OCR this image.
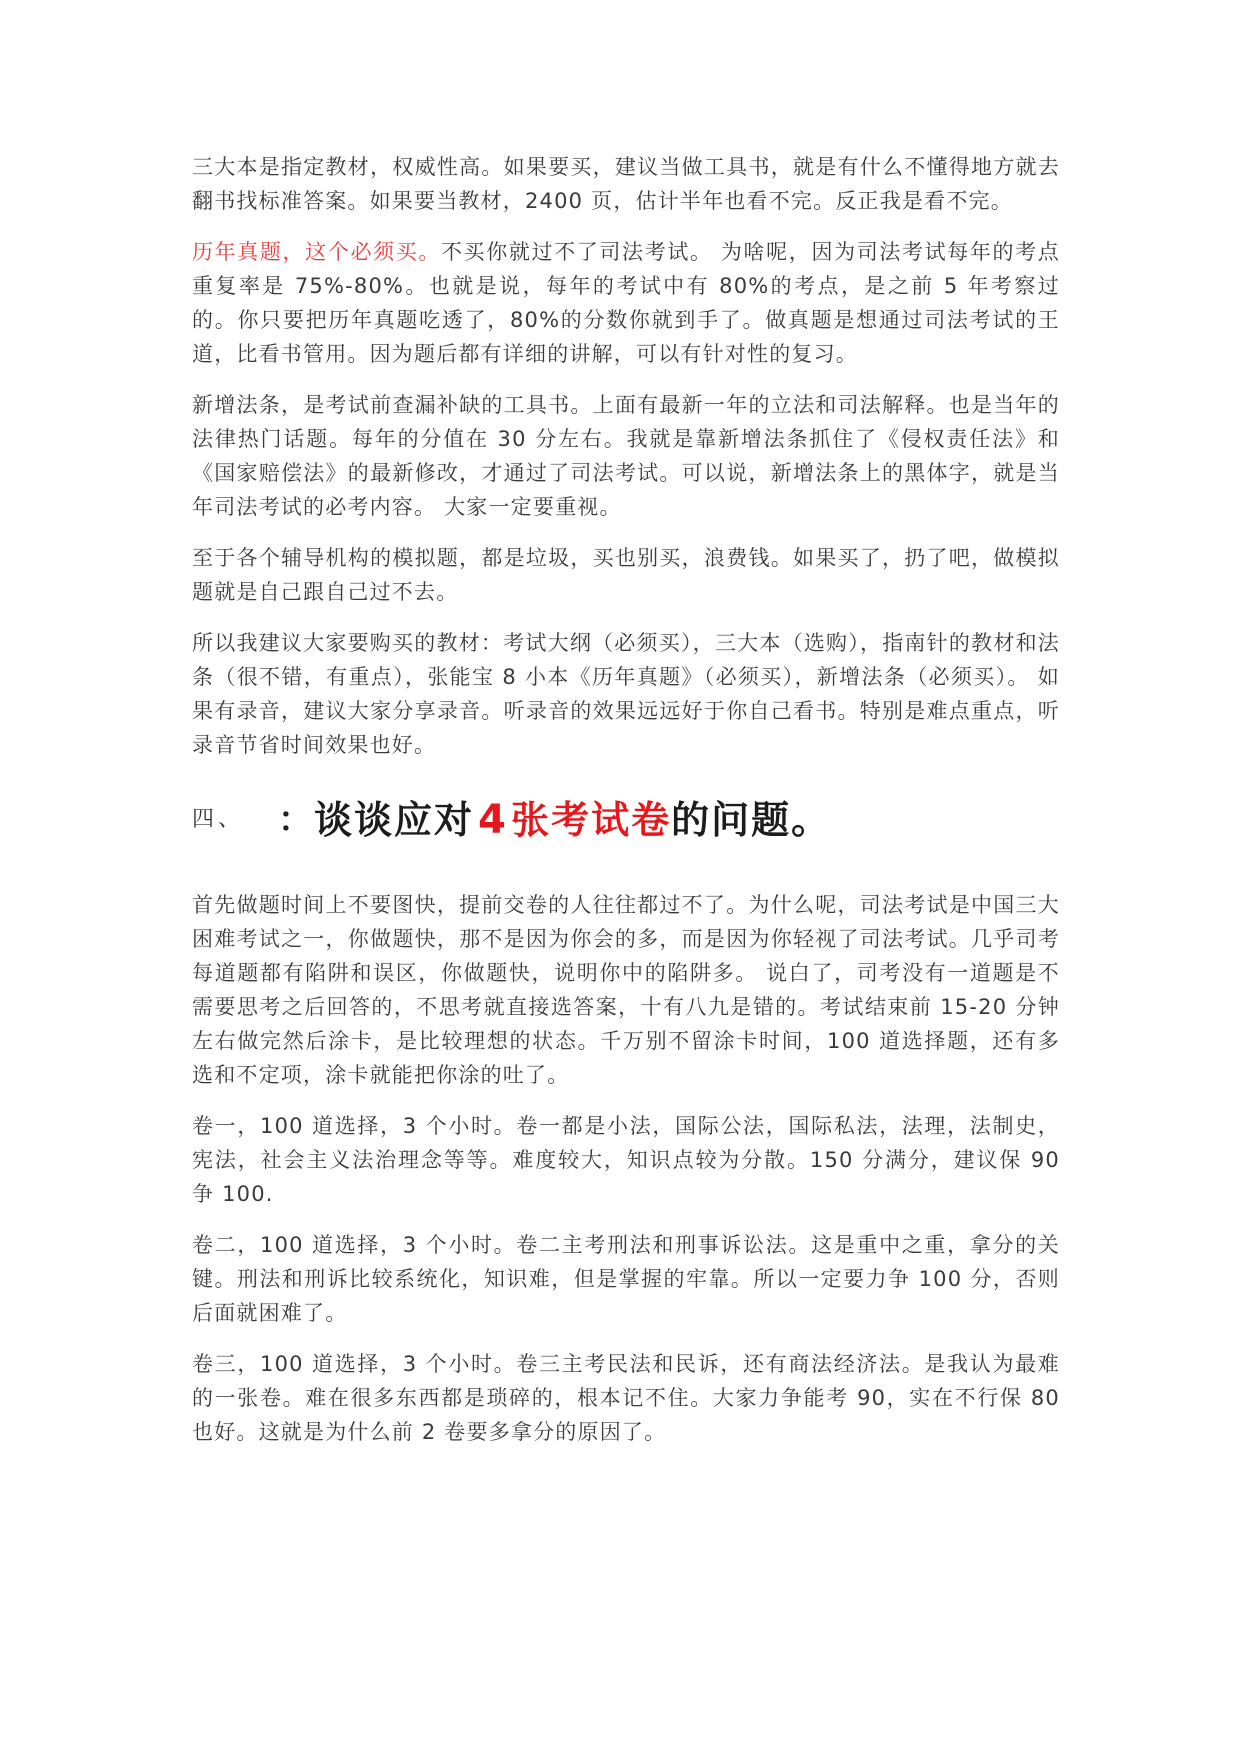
三大本是指定教材，权威性高。如果要买，建议当做工具书，就是有什么不懂得地方就去翻书找标准答案。如果要当教材，2400 页，估计半年也看不完。反正我是看不完。

历年真题，这个必须买。不买你就过不了司法考试。 为啥呢，因为司法考试每年的考点重复率是 75%-80%。也就是说，每年的考试中有 80%的考点，是之前 5 年考察过的。你只要把历年真题吃透了，80%的分数你就到手了。做真题是想通过司法考试的王道，比看书管用。因为题后都有详细的讲解，可以有针对性的复习。

新增法条，是考试前查漏补缺的工具书。上面有最新一年的立法和司法解释。也是当年的法律热门话题。每年的分值在 30 分左右。我就是靠新增法条抓住了《侵权责任法》和《国家赔偿法》的最新修改，才通过了司法考试。可以说，新增法条上的黑体字，就是当年司法考试的必考内容。 大家一定要重视。

至于各个辅导机构的模拟题，都是垃圾，买也别买，浪费钱。如果买了，扔了吧，做模拟题就是自己跟自己过不去。

所以我建议大家要购买的教材：考试大纲（必须买），三大本（选购），指南针的教材和法条（很不错，有重点），张能宝 8 小本《历年真题》（必须买），新增法条（必须买）。 如果有录音，建议大家分享录音。听录音的效果远远好于你自己看书。特别是难点重点，听录音节省时间效果也好。

四、 ： 谈谈应对 4 张考试卷 的问题。

首先做题时间上不要图快，提前交卷的人往往都过不了。为什么呢，司法考试是中国三大困难考试之一，你做题快，那不是因为你会的多，而是因为你轻视了司法考试。几乎司考每道题都有陷阱和误区，你做题快，说明你中的陷阱多。 说白了，司考没有一道题是不需要思考之后回答的，不思考就直接选答案，十有八九是错的。考试结束前 15-20 分钟左右做完然后涂卡，是比较理想的状态。千万别不留涂卡时间，100 道选择题，还有多选和不定项，涂卡就能把你涂的吐了。

卷一，100 道选择，3 个小时。卷一都是小法，国际公法，国际私法，法理，法制史，宪法，社会主义法治理念等等。难度较大，知识点较为分散。150 分满分，建议保 90 争 100.

卷二，100 道选择，3 个小时。卷二主考刑法和刑事诉讼法。这是重中之重，拿分的关键。刑法和刑诉比较系统化，知识难，但是掌握的牢靠。所以一定要力争 100 分，否则后面就困难了。

卷三，100 道选择，3 个小时。卷三主考民法和民诉，还有商法经济法。是我认为最难的一张卷。难在很多东西都是琐碎的，根本记不住。大家力争能考 90，实在不行保 80 也好。这就是为什么前 2 卷要多拿分的原因了。
